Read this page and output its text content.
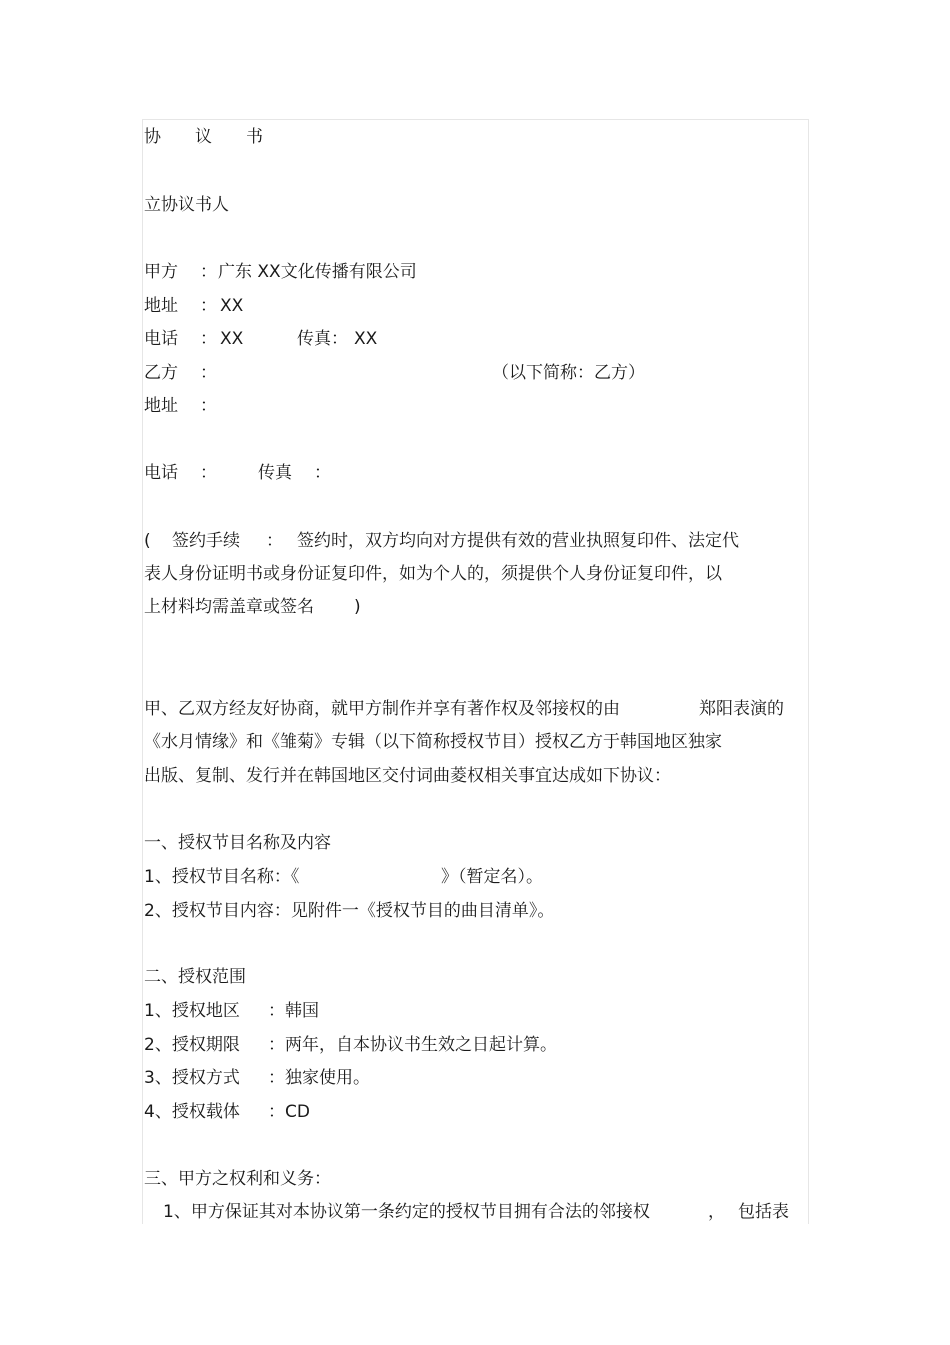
协　　议　　书
立协议书人
甲方 ： 广东 XX文化传播有限公司
地址 ： XX
电话 ： XX	传真： XX
乙方 ：	（以下简称：乙方）
地址 ：
电话 ： 传真 ：
( 签约手续 ： 签约时，双方均向对方提供有效的营业执照复印件、法定代
表人身份证明书或身份证复印件，如为个人的，须提供个人身份证复印件，以
上材料均需盖章或签名 )
甲、乙双方经友好协商，就甲方制作并享有著作权及邻接权的由	郑阳表演的
《水月情缘》和《雏菊》专辑（以下简称授权节目）授权乙方于韩国地区独家
出版、复制、发行并在韩国地区交付词曲菱权相关事宜达成如下协议：
一、授权节目名称及内容
1、授权节目名称：《	》（暂定名）。
2、授权节目内容：见附件一《授权节目的曲目清单》。
二、授权范围
1、授权地区 ：韩国
2、授权期限 ：两年，自本协议书生效之日起计算。
3、授权方式 ：独家使用。
4、授权载体 ：CD
三、甲方之权利和义务：
1、甲方保证其对本协议第一条约定的授权节目拥有合法的邻接权	， 包括表
